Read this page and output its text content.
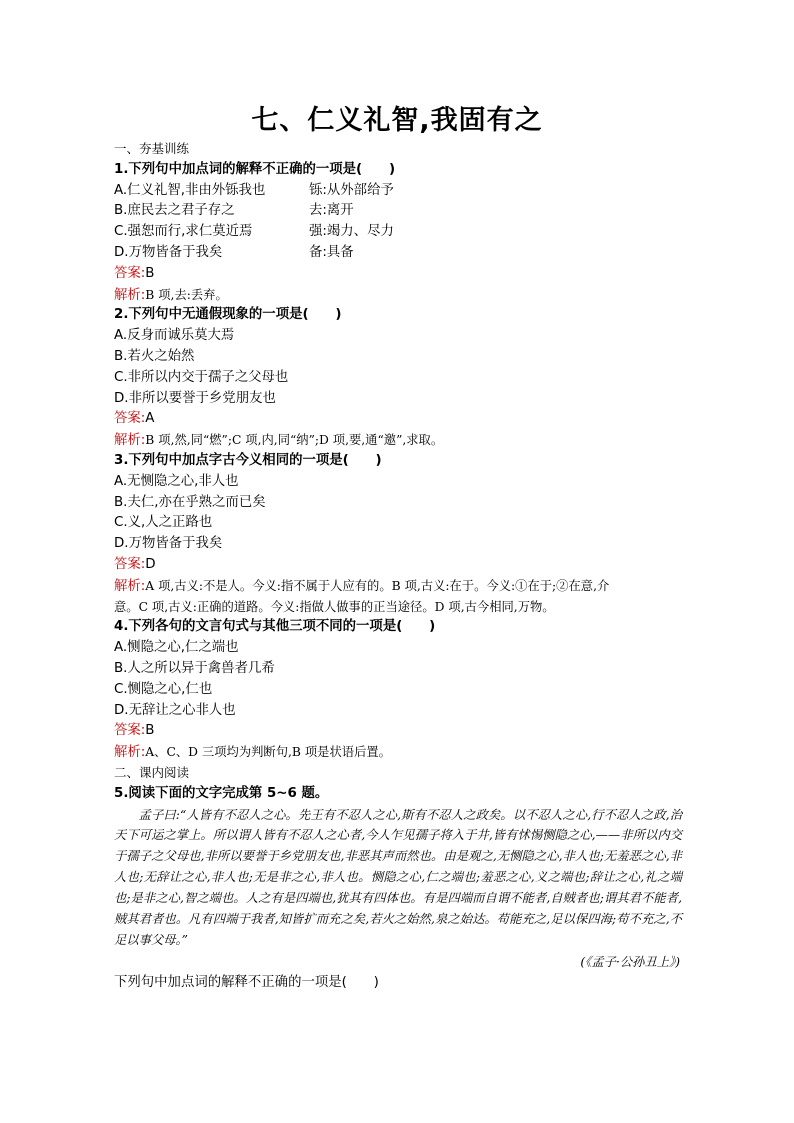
七、仁义礼智,我固有之
一、夯基训练
1.下列句中加点词的解释不正确的一项是(　　)
A.仁义礼智,非由外铄我也	铄:从外部给予
B.庶民去之君子存之	去:离开
C.强恕而行,求仁莫近焉	强:竭力、尽力
D.万物皆备于我矣	备:具备
答案:B
解析:B 项,去:丢弃。
2.下列句中无通假现象的一项是(　　)
A.反身而诚乐莫大焉
B.若火之始然
C.非所以内交于孺子之父母也
D.非所以要誉于乡党朋友也
答案:A
解析:B 项,然,同“燃”;C 项,内,同“纳”;D 项,要,通“邀”,求取。
3.下列句中加点字古今义相同的一项是(　　)
A.无恻隐之心,非人也
B.夫仁,亦在乎熟之而已矣
C.义,人之正路也
D.万物皆备于我矣
答案:D
解析:A 项,古义:不是人。今义:指不属于人应有的。B 项,古义:在于。今义:①在于;②在意,介
意。C 项,古义:正确的道路。今义:指做人做事的正当途径。D 项,古今相同,万物。
4.下列各句的文言句式与其他三项不同的一项是(　　)
A.恻隐之心,仁之端也
B.人之所以异于禽兽者几希
C.恻隐之心,仁也
D.无辞让之心非人也
答案:B
解析:A、C、D 三项均为判断句,B 项是状语后置。
二、课内阅读
5.阅读下面的文字完成第 5~6 题。

孟子曰:“人皆有不忍人之心。先王有不忍人之心,斯有不忍人之政矣。以不忍人之心,行不忍人之政,治天下可运之掌上。所以谓人皆有不忍人之心者,今人乍见孺子将入于井,皆有怵惕恻隐之心,——非所以内交于孺子之父母也,非所以要誉于乡党朋友也,非恶其声而然也。由是观之,无恻隐之心,非人也;无羞恶之心,非人也;无辞让之心,非人也;无是非之心,非人也。恻隐之心,仁之端也;羞恶之心,义之端也;辞让之心,礼之端也;是非之心,智之端也。人之有是四端也,犹其有四体也。有是四端而自谓不能者,自贼者也;谓其君不能者,贼其君者也。凡有四端于我者,知皆扩而充之矣,若火之始然,泉之始达。苟能充之,足以保四海;苟不充之,不足以事父母。”

(《孟子·公孙丑上》)
下列句中加点词的解释不正确的一项是(　　)
